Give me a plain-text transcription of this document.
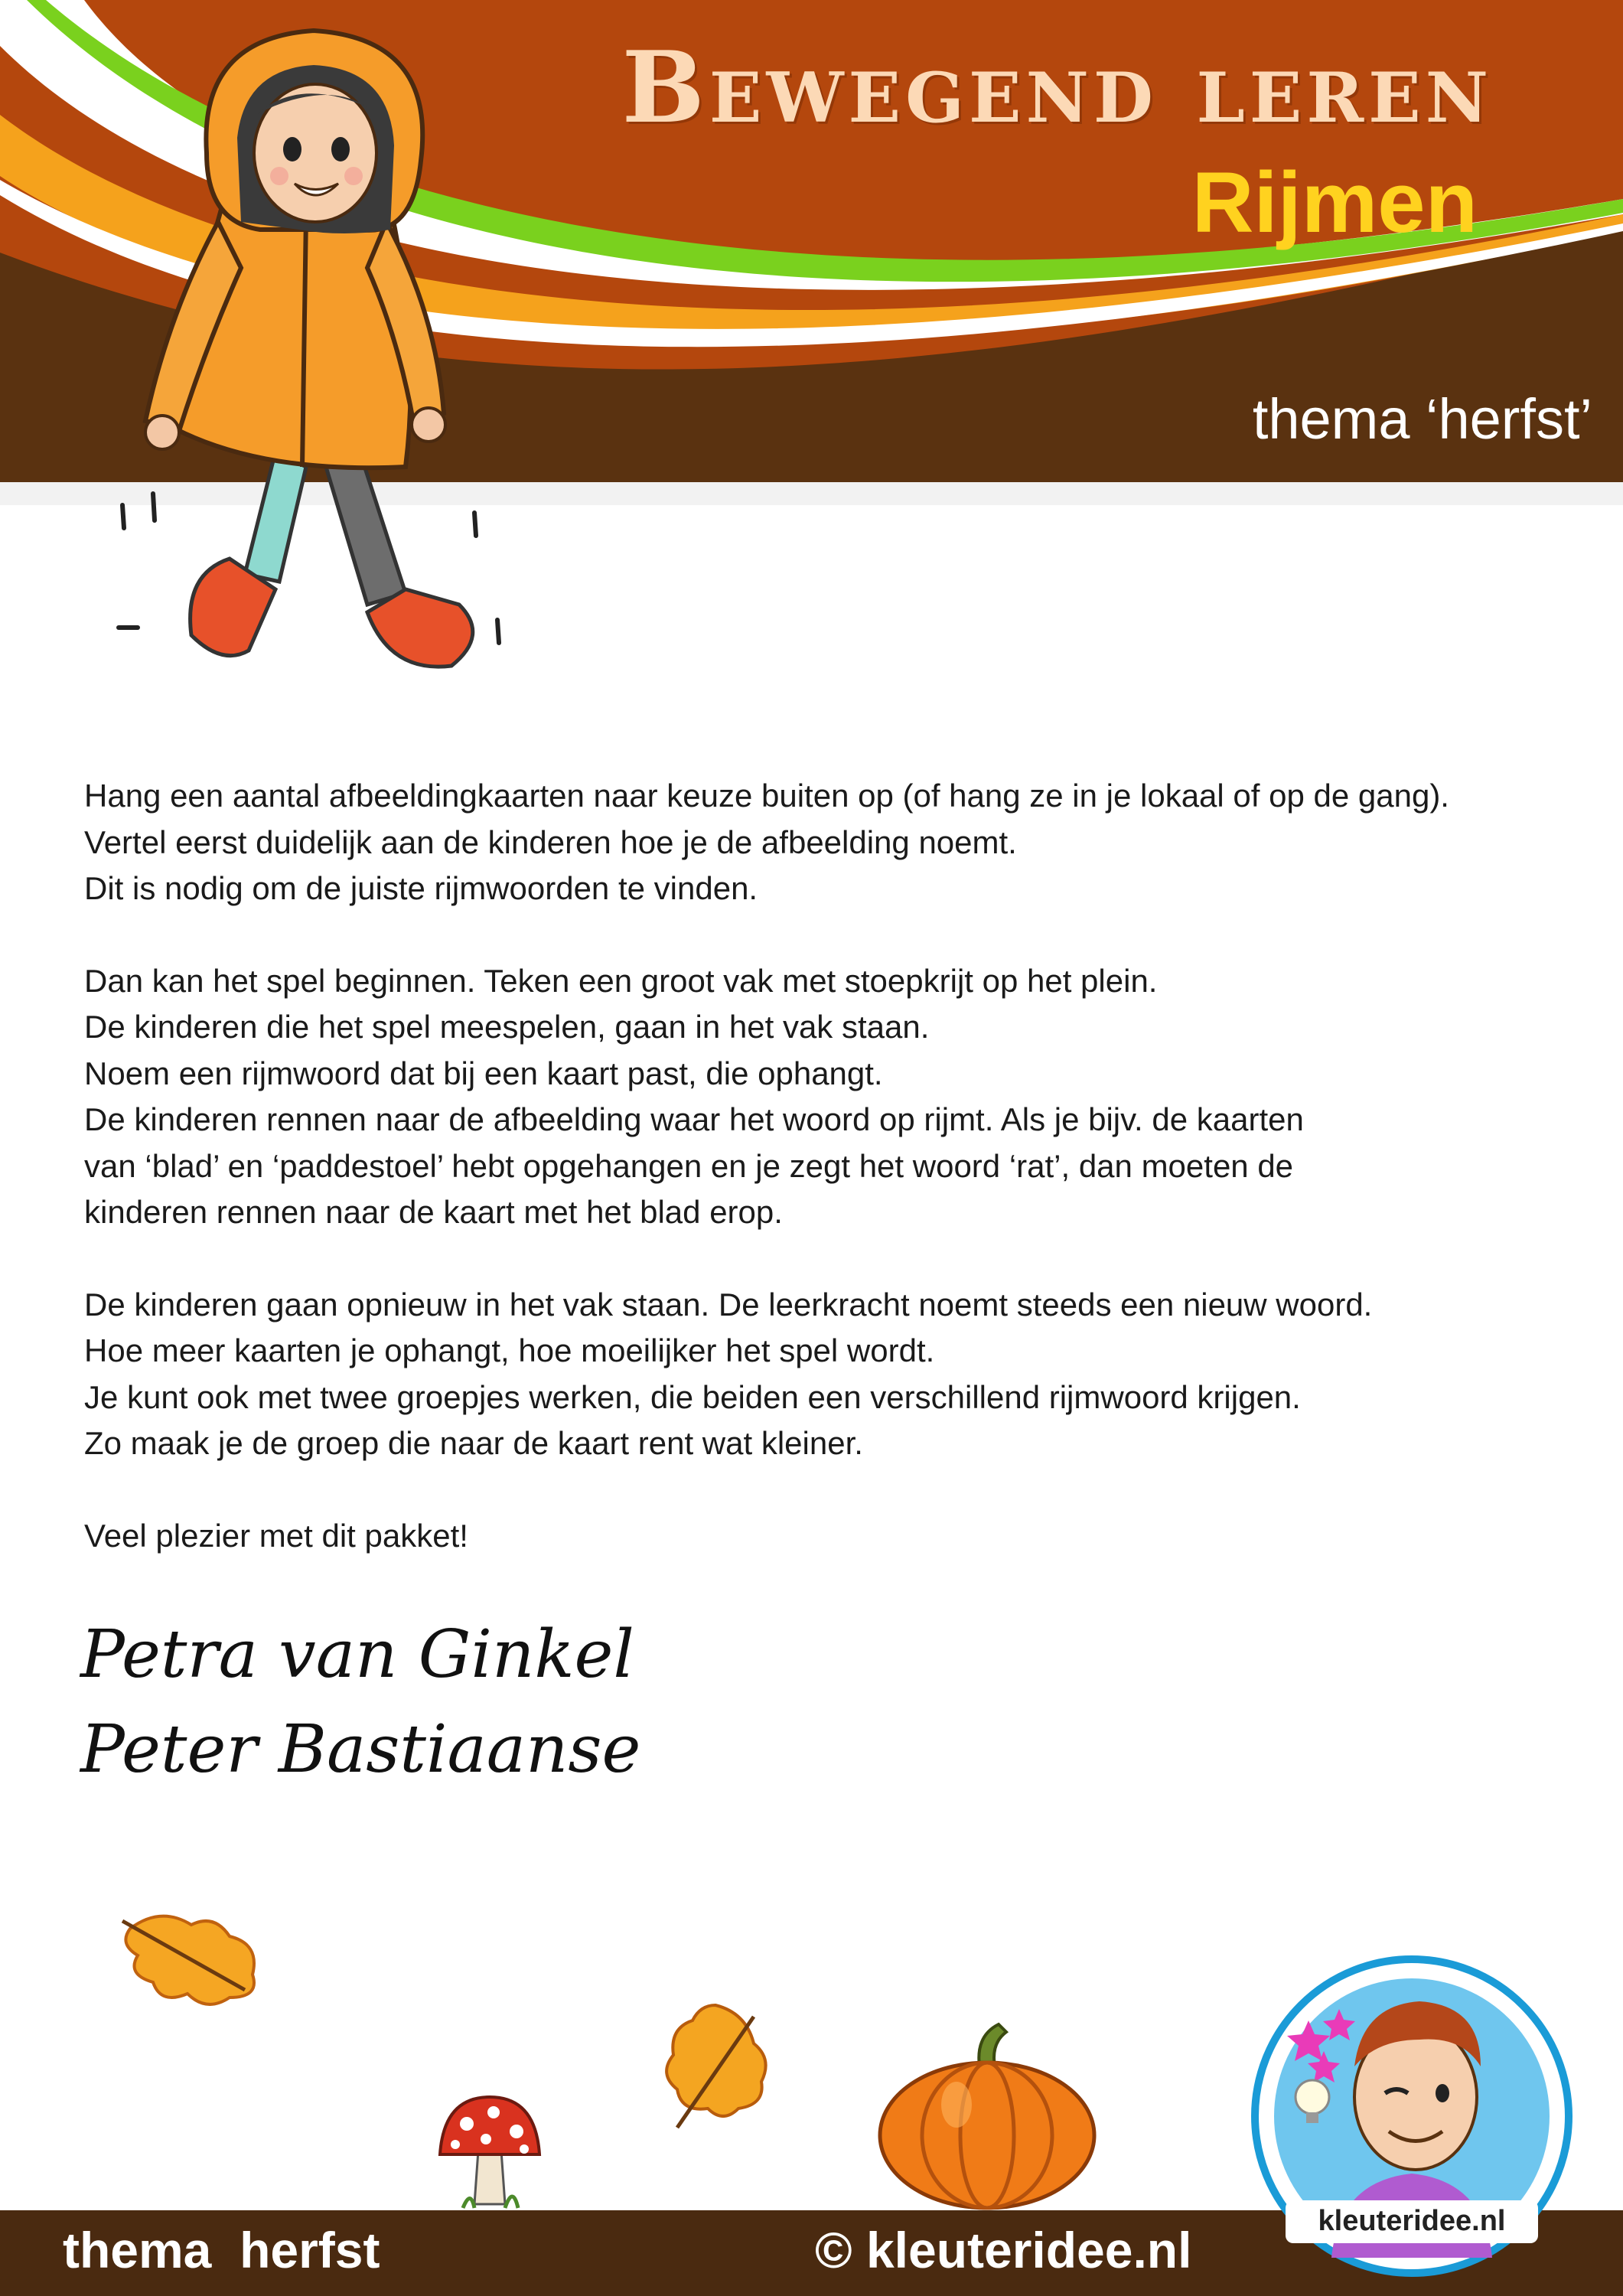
Bewegend leren
Rijmen
thema ‘herfst’

Hang een aantal afbeeldingkaarten naar keuze buiten op (of hang ze in je lokaal of op de gang).
Vertel eerst duidelijk aan de kinderen hoe je de afbeelding noemt.
Dit is nodig om de juiste rijmwoorden te vinden.

Dan kan het spel beginnen. Teken een groot vak met stoepkrijt op het plein.
De kinderen die het spel meespelen, gaan in het vak staan.
Noem een rijmwoord dat bij een kaart past, die ophangt.
De kinderen rennen naar de afbeelding waar het woord op rijmt. Als je bijv. de kaarten
van ‘blad’ en ‘paddestoel’ hebt opgehangen en je zegt het woord ‘rat’, dan moeten de
kinderen rennen naar de kaart met het blad erop.

De kinderen gaan opnieuw in het vak staan. De leerkracht noemt steeds een nieuw woord.
Hoe meer kaarten je ophangt, hoe moeilijker het spel wordt.
Je kunt ook met twee groepjes werken, die beiden een verschillend rijmwoord krijgen.
Zo maak je de groep die naar de kaart rent wat kleiner.

Veel plezier met dit pakket!

Petra van Ginkel
Peter Bastiaanse
thema  herfst	© kleuteridee.nl
kleuteridee.nl
